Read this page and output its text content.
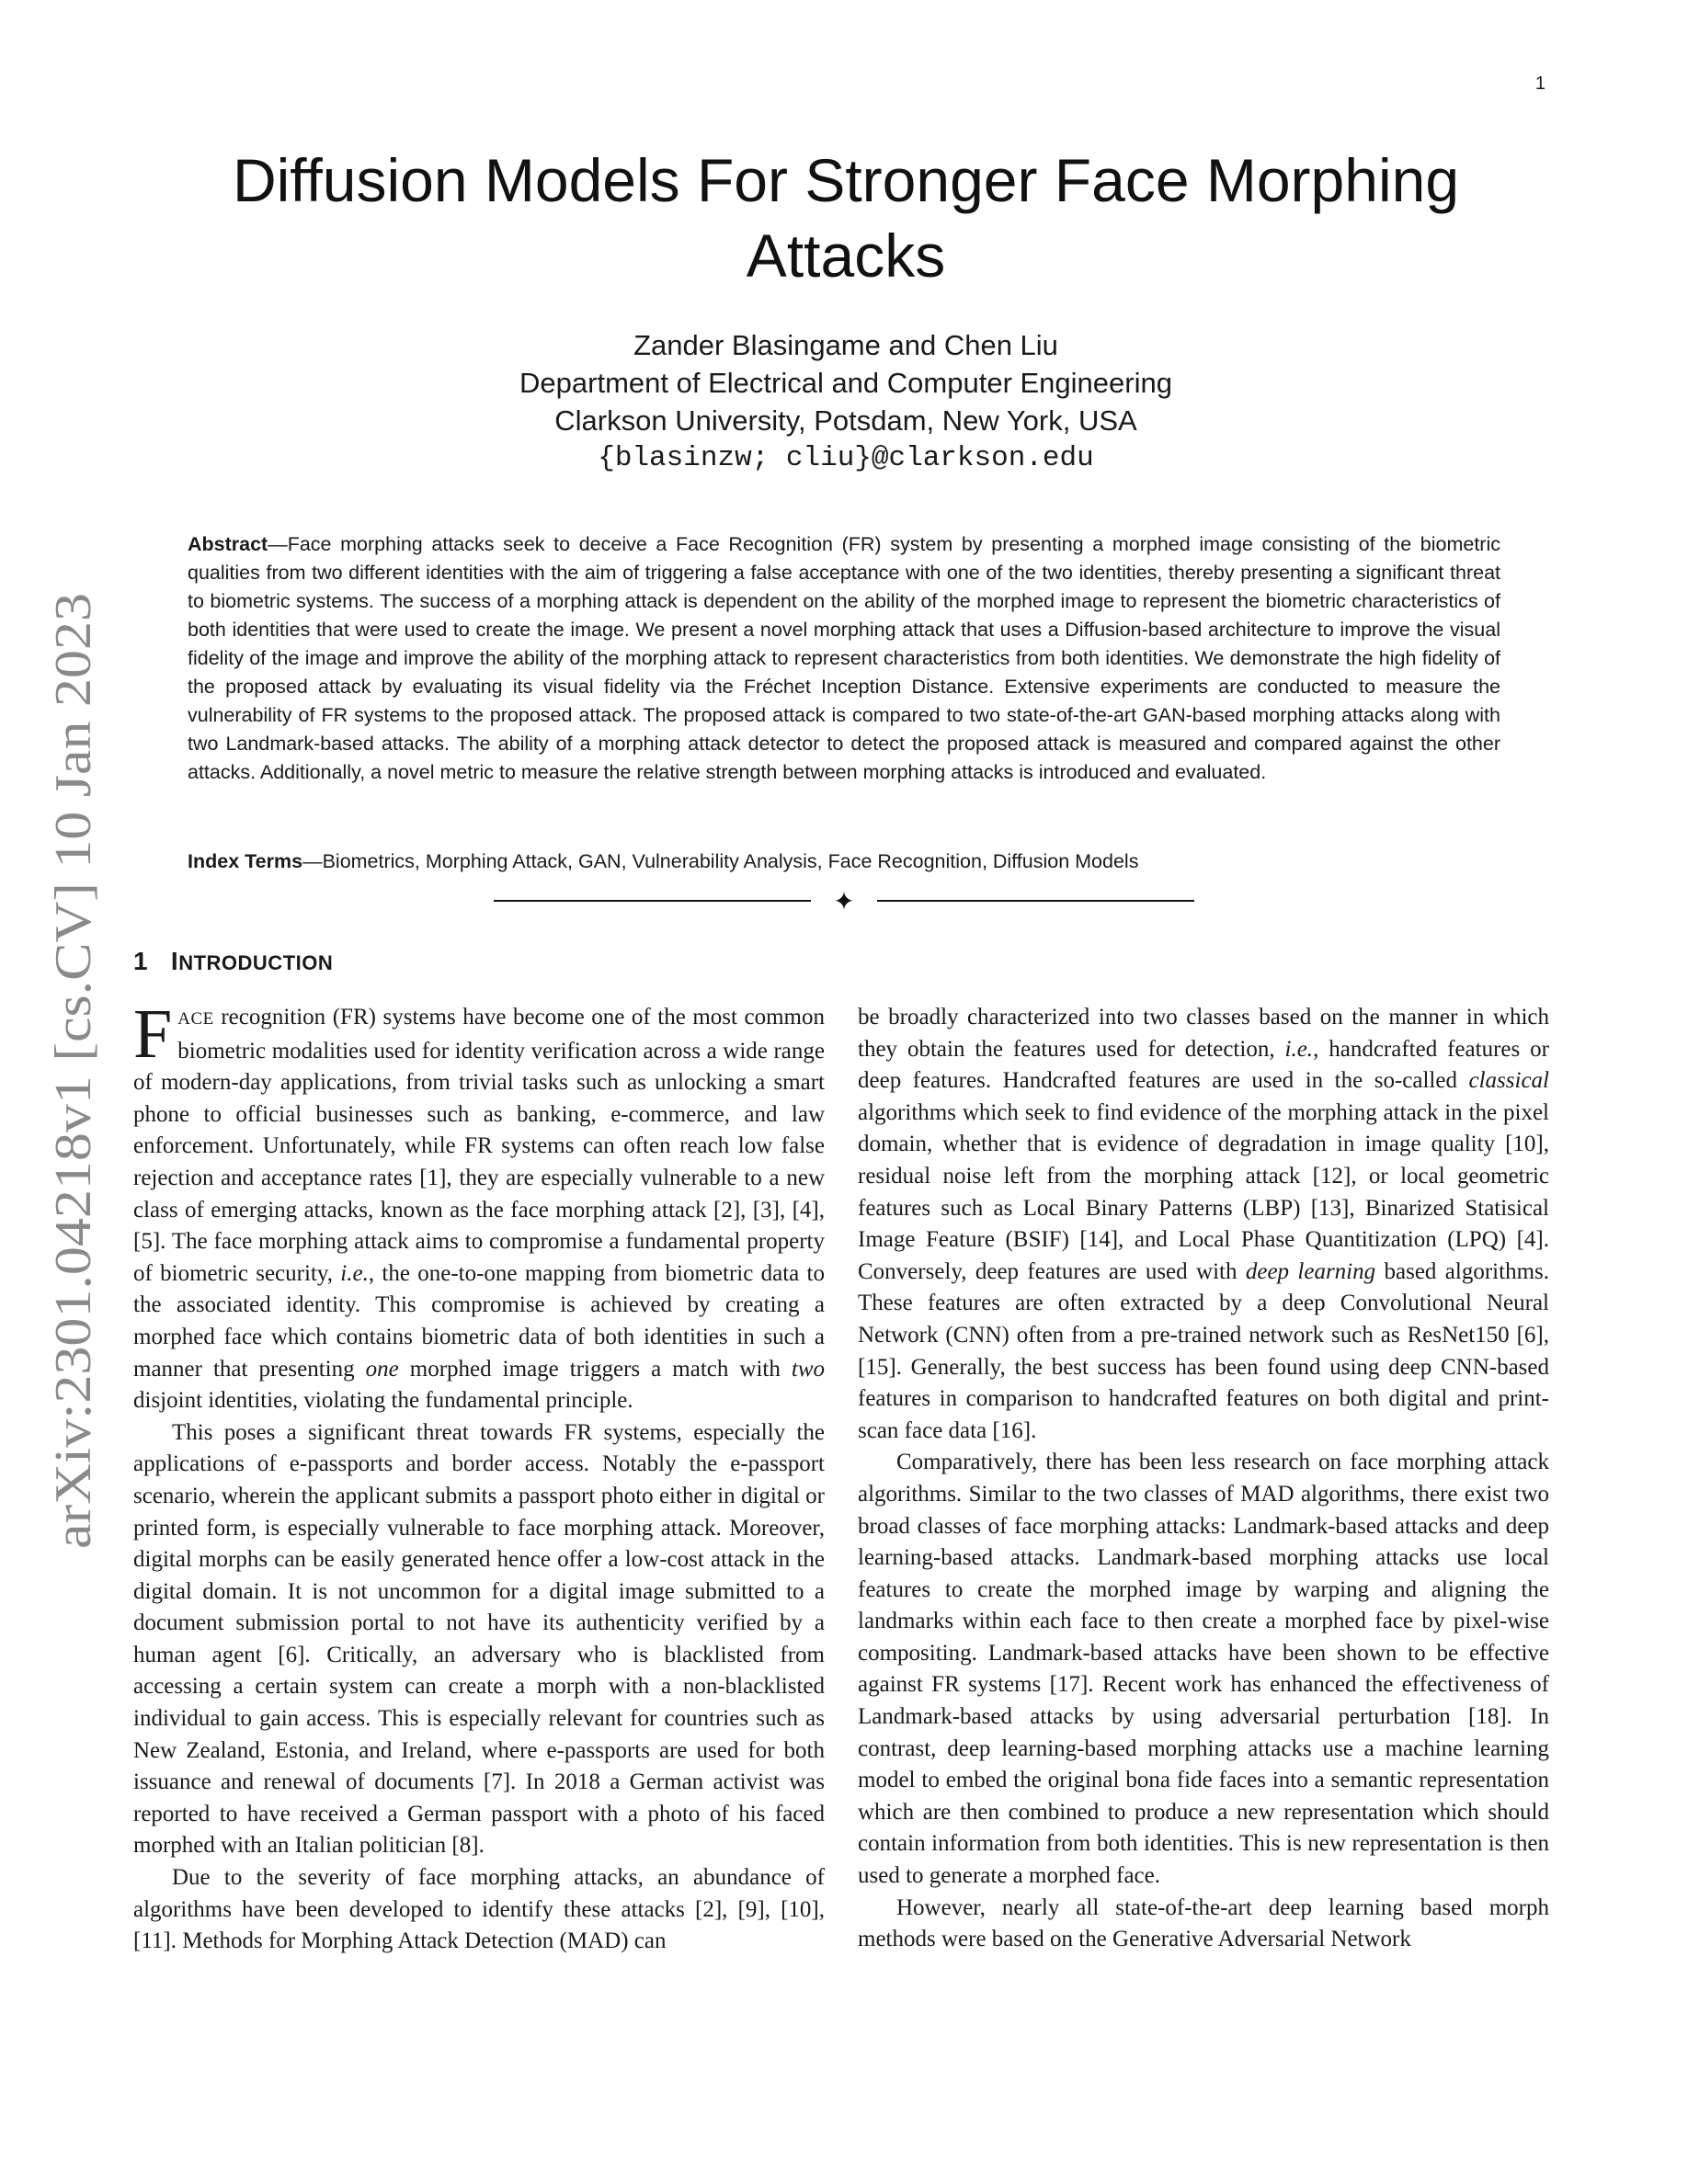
1
arXiv:2301.04218v1 [cs.CV] 10 Jan 2023
Diffusion Models For Stronger Face Morphing Attacks
Zander Blasingame and Chen Liu
Department of Electrical and Computer Engineering
Clarkson University, Potsdam, New York, USA
{blasinzw; cliu}@clarkson.edu
Abstract—Face morphing attacks seek to deceive a Face Recognition (FR) system by presenting a morphed image consisting of the biometric qualities from two different identities with the aim of triggering a false acceptance with one of the two identities, thereby presenting a significant threat to biometric systems. The success of a morphing attack is dependent on the ability of the morphed image to represent the biometric characteristics of both identities that were used to create the image. We present a novel morphing attack that uses a Diffusion-based architecture to improve the visual fidelity of the image and improve the ability of the morphing attack to represent characteristics from both identities. We demonstrate the high fidelity of the proposed attack by evaluating its visual fidelity via the Fréchet Inception Distance. Extensive experiments are conducted to measure the vulnerability of FR systems to the proposed attack. The proposed attack is compared to two state-of-the-art GAN-based morphing attacks along with two Landmark-based attacks. The ability of a morphing attack detector to detect the proposed attack is measured and compared against the other attacks. Additionally, a novel metric to measure the relative strength between morphing attacks is introduced and evaluated.
Index Terms—Biometrics, Morphing Attack, GAN, Vulnerability Analysis, Face Recognition, Diffusion Models
✦
1 INTRODUCTION

FACE recognition (FR) systems have become one of the most common biometric modalities used for identity verification across a wide range of modern-day applications, from trivial tasks such as unlocking a smart phone to official businesses such as banking, e-commerce, and law enforcement. Unfortunately, while FR systems can often reach low false rejection and acceptance rates [1], they are especially vulnerable to a new class of emerging attacks, known as the face morphing attack [2], [3], [4], [5]. The face morphing attack aims to compromise a fundamental property of biometric security, i.e., the one-to-one mapping from biometric data to the associated identity. This compromise is achieved by creating a morphed face which contains biometric data of both identities in such a manner that presenting one morphed image triggers a match with two disjoint identities, violating the fundamental principle.

This poses a significant threat towards FR systems, especially the applications of e-passports and border access. Notably the e-passport scenario, wherein the applicant submits a passport photo either in digital or printed form, is especially vulnerable to face morphing attack. Moreover, digital morphs can be easily generated hence offer a low-cost attack in the digital domain. It is not uncommon for a digital image submitted to a document submission portal to not have its authenticity verified by a human agent [6]. Critically, an adversary who is blacklisted from accessing a certain system can create a morph with a non-blacklisted individual to gain access. This is especially relevant for countries such as New Zealand, Estonia, and Ireland, where e-passports are used for both issuance and renewal of documents [7]. In 2018 a German activist was reported to have received a German passport with a photo of his faced morphed with an Italian politician [8].

Due to the severity of face morphing attacks, an abundance of algorithms have been developed to identify these attacks [2], [9], [10], [11]. Methods for Morphing Attack Detection (MAD) can

be broadly characterized into two classes based on the manner in which they obtain the features used for detection, i.e., handcrafted features or deep features. Handcrafted features are used in the so-called classical algorithms which seek to find evidence of the morphing attack in the pixel domain, whether that is evidence of degradation in image quality [10], residual noise left from the morphing attack [12], or local geometric features such as Local Binary Patterns (LBP) [13], Binarized Statisical Image Feature (BSIF) [14], and Local Phase Quantitization (LPQ) [4]. Conversely, deep features are used with deep learning based algorithms. These features are often extracted by a deep Convolutional Neural Network (CNN) often from a pre-trained network such as ResNet150 [6], [15]. Generally, the best success has been found using deep CNN-based features in comparison to handcrafted features on both digital and print-scan face data [16].

Comparatively, there has been less research on face morphing attack algorithms. Similar to the two classes of MAD algorithms, there exist two broad classes of face morphing attacks: Landmark-based attacks and deep learning-based attacks. Landmark-based morphing attacks use local features to create the morphed image by warping and aligning the landmarks within each face to then create a morphed face by pixel-wise compositing. Landmark-based attacks have been shown to be effective against FR systems [17]. Recent work has enhanced the effectiveness of Landmark-based attacks by using adversarial perturbation [18]. In contrast, deep learning-based morphing attacks use a machine learning model to embed the original bona fide faces into a semantic representation which are then combined to produce a new representation which should contain information from both identities. This is new representation is then used to generate a morphed face.

However, nearly all state-of-the-art deep learning based morph methods were based on the Generative Adversarial Network
